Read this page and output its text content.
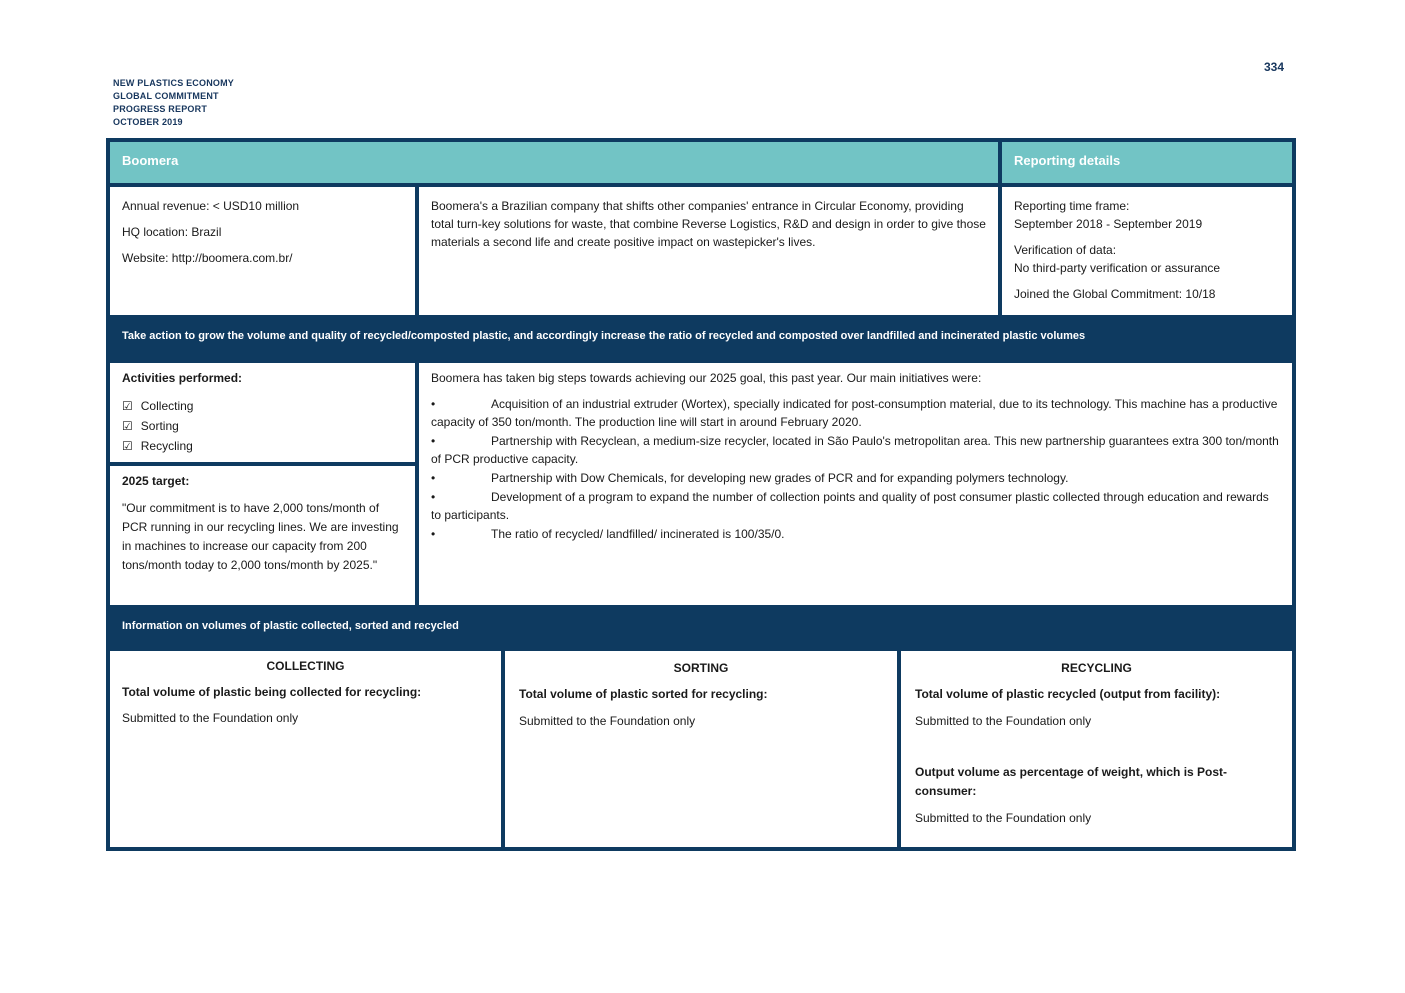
NEW PLASTICS ECONOMY
GLOBAL COMMITMENT
PROGRESS REPORT
OCTOBER 2019
334
Boomera	Reporting details
Annual revenue: < USD10 million
HQ location: Brazil
Website: http://boomera.com.br/
Boomera's a Brazilian company that shifts other companies' entrance in Circular Economy, providing total turn-key solutions for waste, that combine Reverse Logistics, R&D and design in order to give those materials a second life and create positive impact on wastepicker's lives.
Reporting time frame:
September 2018 - September 2019
Verification of data:
No third-party verification or assurance
Joined the Global Commitment: 10/18
Take action to grow the volume and quality of recycled/composted plastic, and accordingly increase the ratio of recycled and composted over landfilled and incinerated plastic volumes
Activities performed:
☑ Collecting
☑ Sorting
☑ Recycling
2025 target:
"Our commitment is to have 2,000 tons/month of PCR running in our recycling lines. We are investing in machines to increase our capacity from 200 tons/month today to 2,000 tons/month by 2025."
Boomera has taken big steps towards achieving our 2025 goal, this past year. Our main initiatives were:
•	Acquisition of an industrial extruder (Wortex), specially indicated for post-consumption material, due to its technology. This machine has a productive capacity of 350 ton/month. The production line will start in around February 2020.
•	Partnership with Recyclean, a medium-size recycler, located in São Paulo's metropolitan area. This new partnership guarantees extra 300 ton/month of PCR productive capacity.
•	Partnership with Dow Chemicals, for developing new grades of PCR and for expanding polymers technology.
•	Development of a program to expand the number of collection points and quality of post consumer plastic collected through education and rewards to participants.
•	The ratio of recycled/ landfilled/ incinerated is 100/35/0.
Information on volumes of plastic collected, sorted and recycled
COLLECTING
Total volume of plastic being collected for recycling:
Submitted to the Foundation only
SORTING
Total volume of plastic sorted for recycling:
Submitted to the Foundation only
RECYCLING
Total volume of plastic recycled (output from facility):
Submitted to the Foundation only
Output volume as percentage of weight, which is Post-consumer:
Submitted to the Foundation only
